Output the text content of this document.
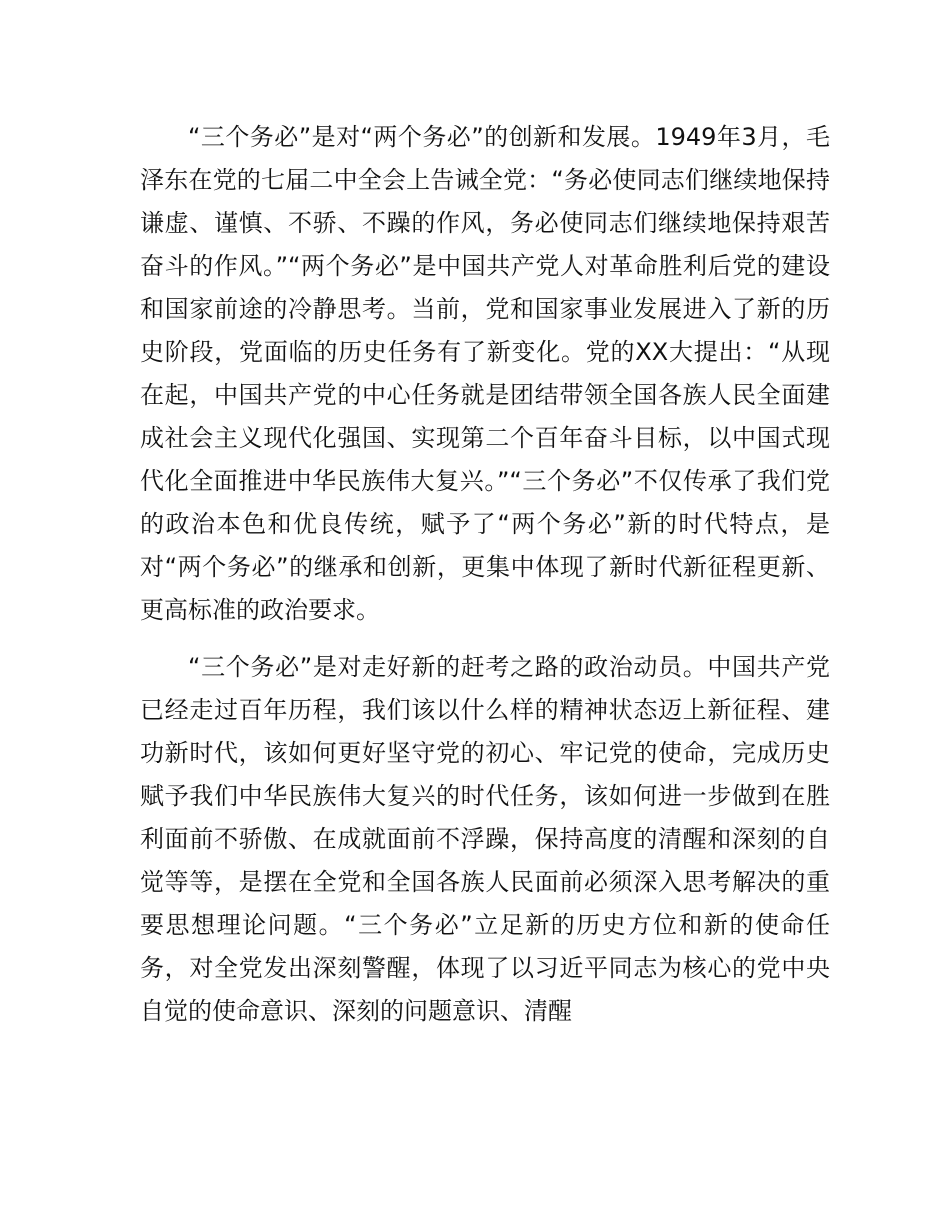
“三个务必”是对“两个务必”的创新和发展。1949年3月，毛泽东在党的七届二中全会上告诫全党：“务必使同志们继续地保持谦虚、谨慎、不骄、不躁的作风，务必使同志们继续地保持艰苦奋斗的作风。”“两个务必”是中国共产党人对革命胜利后党的建设和国家前途的冷静思考。当前，党和国家事业发展进入了新的历史阶段，党面临的历史任务有了新变化。党的XX大提出：“从现在起，中国共产党的中心任务就是团结带领全国各族人民全面建成社会主义现代化强国、实现第二个百年奋斗目标，以中国式现代化全面推进中华民族伟大复兴。”“三个务必”不仅传承了我们党的政治本色和优良传统，赋予了“两个务必”新的时代特点，是对“两个务必”的继承和创新，更集中体现了新时代新征程更新、更高标准的政治要求。

“三个务必”是对走好新的赶考之路的政治动员。中国共产党已经走过百年历程，我们该以什么样的精神状态迈上新征程、建功新时代，该如何更好坚守党的初心、牢记党的使命，完成历史赋予我们中华民族伟大复兴的时代任务，该如何进一步做到在胜利面前不骄傲、在成就面前不浮躁，保持高度的清醒和深刻的自觉等等，是摆在全党和全国各族人民面前必须深入思考解决的重要思想理论问题。“三个务必”立足新的历史方位和新的使命任务，对全党发出深刻警醒，体现了以习近平同志为核心的党中央自觉的使命意识、深刻的问题意识、清醒
